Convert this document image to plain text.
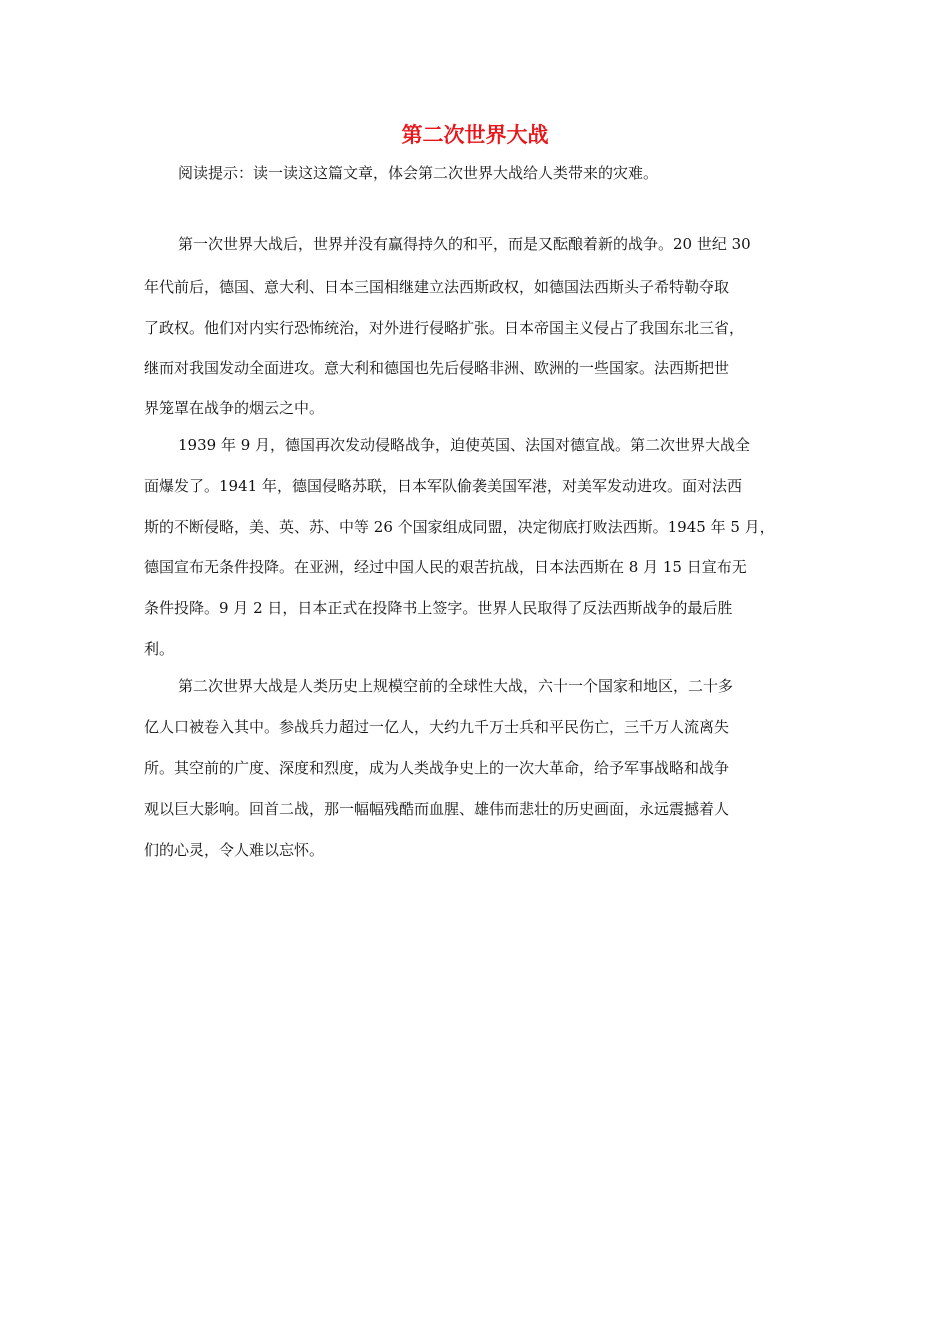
第二次世界大战

阅读提示：读一读这这篇文章，体会第二次世界大战给人类带来的灾难。

第一次世界大战后，世界并没有赢得持久的和平，而是又酝酿着新的战争。20 世纪 30

年代前后，德国、意大利、日本三国相继建立法西斯政权，如德国法西斯头子希特勒夺取

了政权。他们对内实行恐怖统治，对外进行侵略扩张。日本帝国主义侵占了我国东北三省，

继而对我国发动全面进攻。意大利和德国也先后侵略非洲、欧洲的一些国家。法西斯把世

界笼罩在战争的烟云之中。

1939 年 9 月，德国再次发动侵略战争，迫使英国、法国对德宣战。第二次世界大战全

面爆发了。1941 年，德国侵略苏联，日本军队偷袭美国军港，对美军发动进攻。面对法西

斯的不断侵略，美、英、苏、中等 26 个国家组成同盟，决定彻底打败法西斯。1945 年 5 月，

德国宣布无条件投降。在亚洲，经过中国人民的艰苦抗战，日本法西斯在 8 月 15 日宣布无

条件投降。9 月 2 日，日本正式在投降书上签字。世界人民取得了反法西斯战争的最后胜

利。

第二次世界大战是人类历史上规模空前的全球性大战，六十一个国家和地区，二十多

亿人口被卷入其中。参战兵力超过一亿人，大约九千万士兵和平民伤亡，三千万人流离失

所。其空前的广度、深度和烈度，成为人类战争史上的一次大革命，给予军事战略和战争

观以巨大影响。回首二战，那一幅幅残酷而血腥、雄伟而悲壮的历史画面，永远震撼着人

们的心灵，令人难以忘怀。
